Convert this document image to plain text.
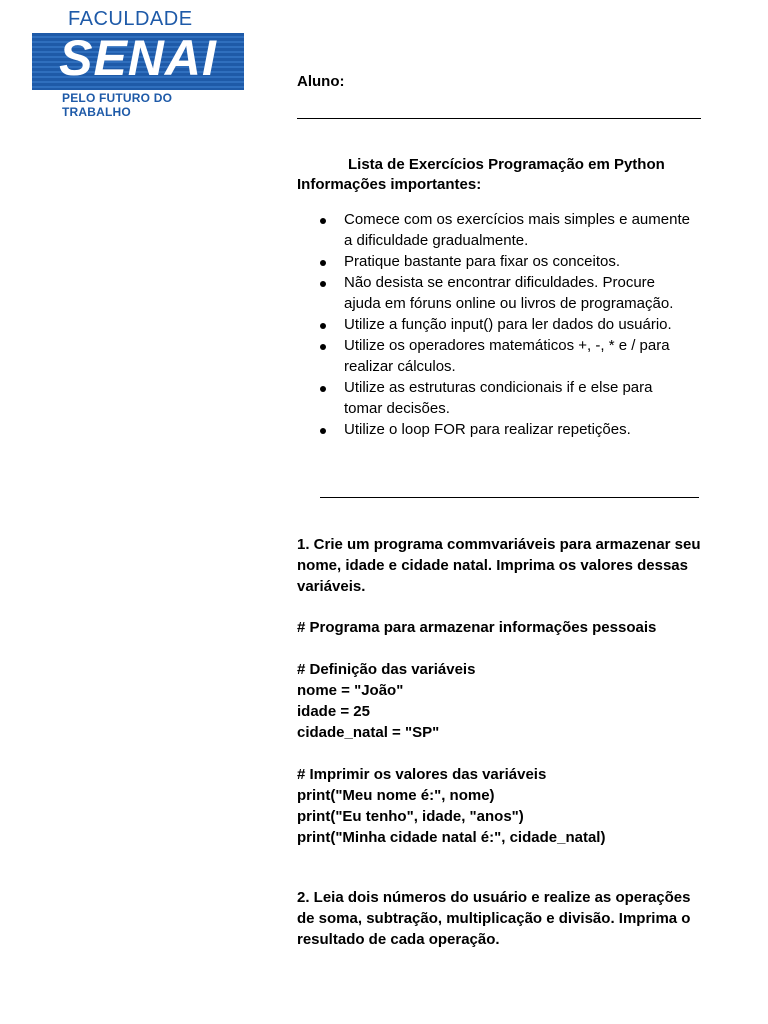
FACULDADE
SENAI
PELO FUTURO DO TRABALHO
Aluno:
Lista de Exercícios Programação em Python
Informações importantes:
Comece com os exercícios mais simples e aumente
a dificuldade gradualmente.
Pratique bastante para fixar os conceitos.
Não desista se encontrar dificuldades. Procure
ajuda em fóruns online ou livros de programação.
Utilize a função input() para ler dados do usuário.
Utilize os operadores matemáticos +, -, * e / para
realizar cálculos.
Utilize as estruturas condicionais if e else para
tomar decisões.
Utilize o loop FOR para realizar repetições.
1. Crie um programa commvariáveis para armazenar seu
nome, idade e cidade natal. Imprima os valores dessas
variáveis.
# Programa para armazenar informações pessoais
# Definição das variáveis
nome = "João"
idade = 25
cidade_natal = "SP"
# Imprimir os valores das variáveis
print("Meu nome é:", nome)
print("Eu tenho", idade, "anos")
print("Minha cidade natal é:", cidade_natal)
2. Leia dois números do usuário e realize as operações
de soma, subtração, multiplicação e divisão. Imprima o
resultado de cada operação.
